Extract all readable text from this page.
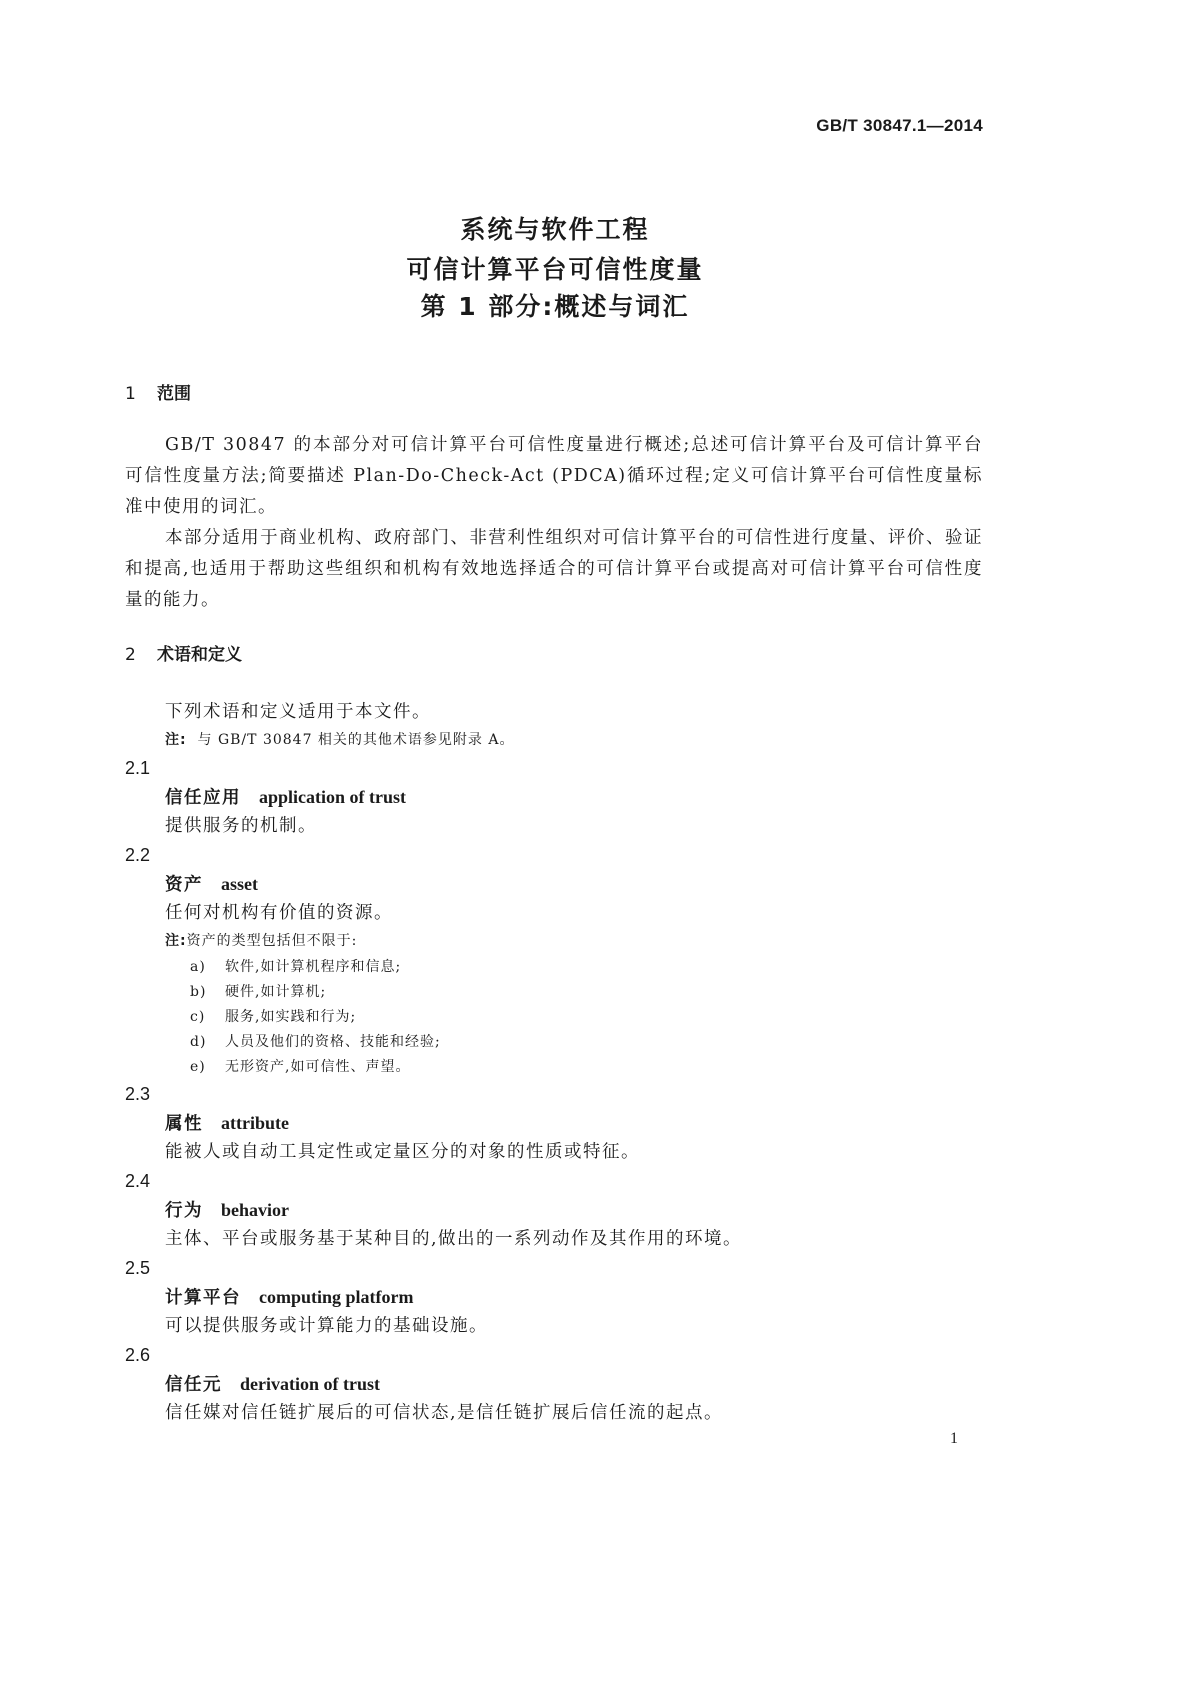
GB/T 30847.1—2014
系统与软件工程
可信计算平台可信性度量
第 1 部分:概述与词汇
1 范围

GB/T 30847 的本部分对可信计算平台可信性度量进行概述;总述可信计算平台及可信计算平台可信性度量方法;简要描述 Plan-Do-Check-Act (PDCA)循环过程;定义可信计算平台可信性度量标准中使用的词汇。

本部分适用于商业机构、政府部门、非营利性组织对可信计算平台的可信性进行度量、评价、验证和提高,也适用于帮助这些组织和机构有效地选择适合的可信计算平台或提高对可信计算平台可信性度量的能力。

2 术语和定义
下列术语和定义适用于本文件。
注: 与 GB/T 30847 相关的其他术语参见附录 A。
2.1
信任应用 application of trust
提供服务的机制。
2.2
资产 asset
任何对机构有价值的资源。
注:资产的类型包括但不限于:
a) 软件,如计算机程序和信息;
b) 硬件,如计算机;
c) 服务,如实践和行为;
d) 人员及他们的资格、技能和经验;
e) 无形资产,如可信性、声望。
2.3
属性 attribute
能被人或自动工具定性或定量区分的对象的性质或特征。
2.4
行为 behavior
主体、平台或服务基于某种目的,做出的一系列动作及其作用的环境。
2.5
计算平台 computing platform
可以提供服务或计算能力的基础设施。
2.6
信任元 derivation of trust
信任媒对信任链扩展后的可信状态,是信任链扩展后信任流的起点。
1
